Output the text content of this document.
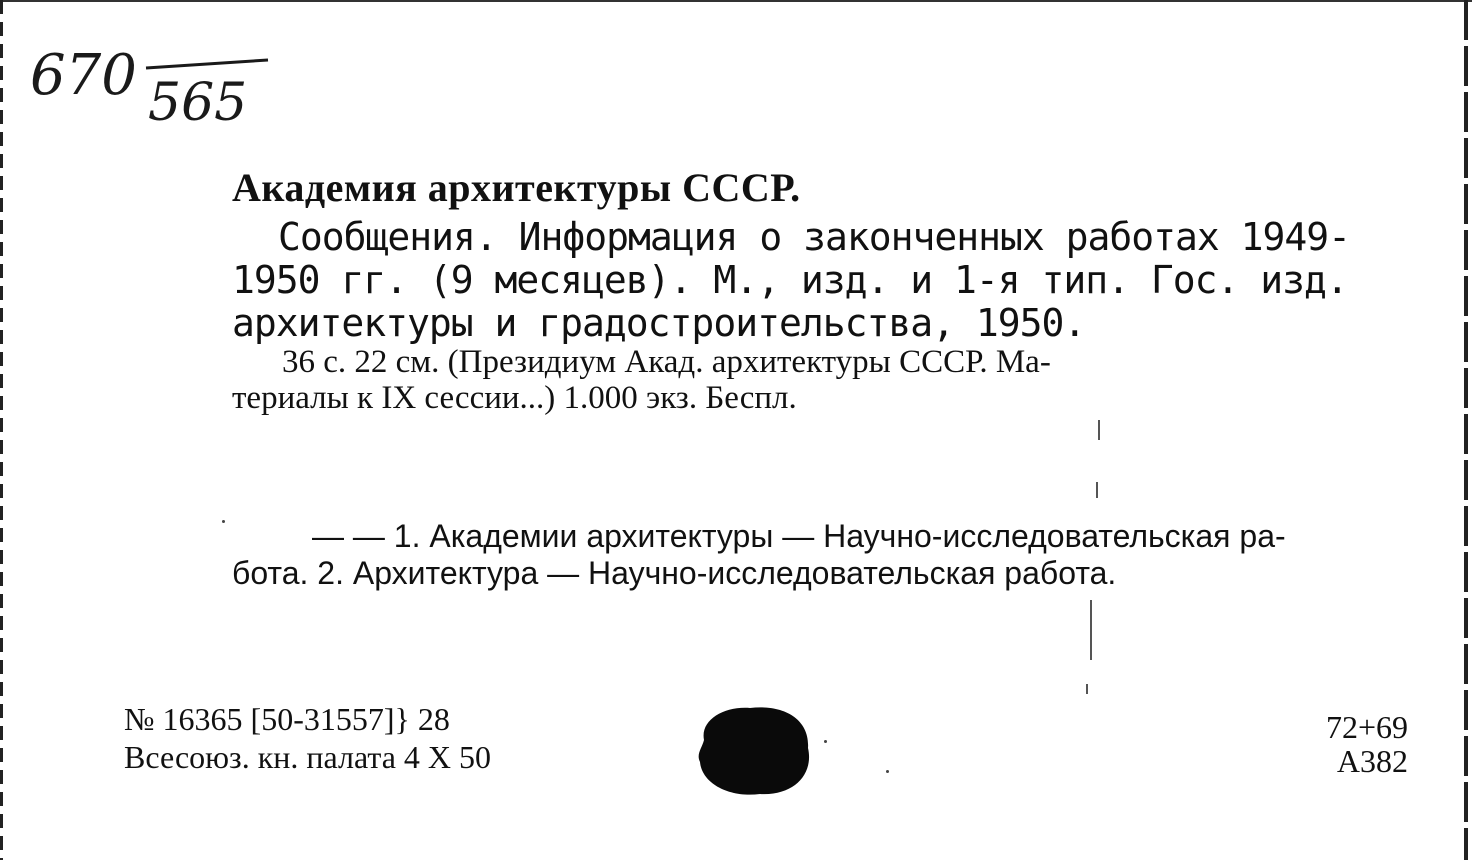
670 565
Академия архитектуры СССР.
Сообщения. Информация о законченных работах 1949-
1950 гг. (9 месяцев). М., изд. и 1-я тип. Гос. изд.
архитектуры и градостроительства, 1950.
36 с. 22 см. (Президиум Акад. архитектуры СССР. Ма-
териалы к IX сессии...) 1.000 экз. Беспл.
— — 1. Академии архитектуры — Научно-исследовательская ра-
бота. 2. Архитектура — Научно-исследовательская работа.
№ 16365 [50-31557]} 28
Всесоюз. кн. палата 4 X 50
72+69
А382
